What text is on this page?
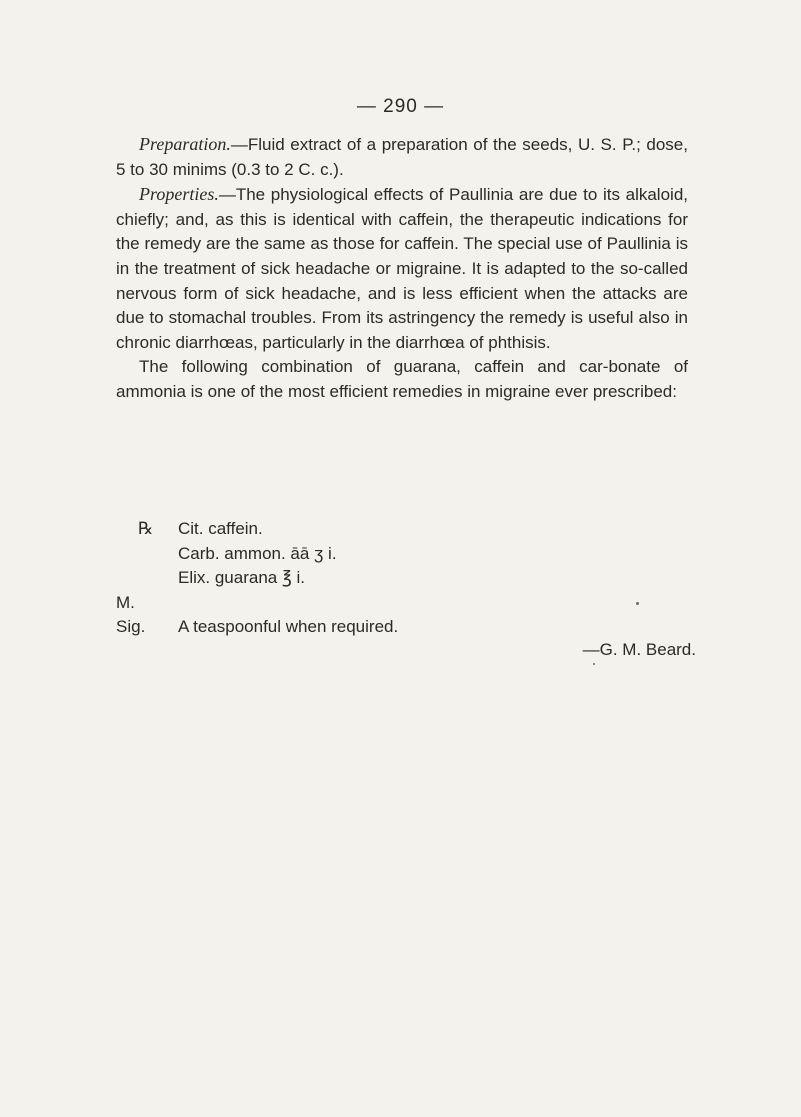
— 290 —

Preparation.—Fluid extract of a preparation of the seeds, U. S. P.; dose, 5 to 30 minims (0.3 to 2 C. c.).

Properties.—The physiological effects of Paullinia are due to its alkaloid, chiefly; and, as this is identical with caffein, the therapeutic indications for the remedy are the same as those for caffein. The special use of Paullinia is in the treatment of sick headache or migraine. It is adapted to the so-called nervous form of sick headache, and is less efficient when the attacks are due to stomachal troubles. From its astringency the remedy is useful also in chronic diarrhœas, particularly in the diarrhœa of phthisis.

The following combination of guarana, caffein and car-bonate of ammonia is one of the most efficient remedies in migraine ever prescribed:

℞	Cit. caffein.
Carb. ammon. āā ʒ i.
Elix. guarana ℥ i.
M.
Sig.	A teaspoonful when required.
—G. M. Beard.
